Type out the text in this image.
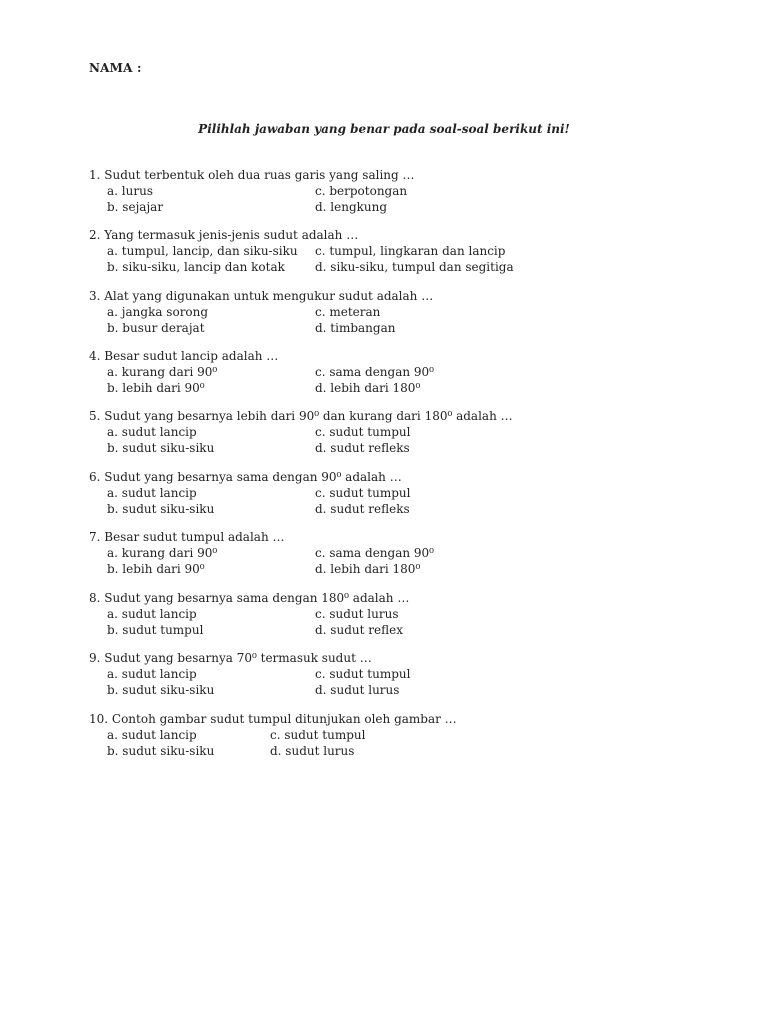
NAMA :
Pilihlah jawaban yang benar pada soal-soal berikut ini!
1. Sudut terbentuk oleh dua ruas garis yang saling …
a. lurus	c. berpotongan
b. sejajar	d. lengkung
2. Yang termasuk jenis-jenis sudut adalah …
a. tumpul, lancip, dan siku-siku c. tumpul, lingkaran dan lancip
b. siku-siku, lancip dan kotak	d. siku-siku, tumpul dan segitiga
3. Alat yang digunakan untuk mengukur sudut adalah …
a. jangka sorong	c. meteran
b. busur derajat	d. timbangan
4. Besar sudut lancip adalah …
a. kurang dari 90⁰	c. sama dengan 90⁰
b. lebih dari 90⁰	d. lebih dari 180⁰
5. Sudut yang besarnya lebih dari 90⁰ dan kurang dari 180⁰ adalah …
a. sudut lancip	c. sudut tumpul
b. sudut siku-siku	d. sudut refleks
6. Sudut yang besarnya sama dengan 90⁰ adalah …
a. sudut lancip	c. sudut tumpul
b. sudut siku-siku	d. sudut refleks
7. Besar sudut tumpul adalah …
a. kurang dari 90⁰	c. sama dengan 90⁰
b. lebih dari 90⁰	d. lebih dari 180⁰
8. Sudut yang besarnya sama dengan 180⁰ adalah …
a. sudut lancip	c. sudut lurus
b. sudut tumpul	d. sudut reflex
9. Sudut yang besarnya 70⁰ termasuk sudut …
a. sudut lancip	c. sudut tumpul
b. sudut siku-siku	d. sudut lurus
10. Contoh gambar sudut tumpul ditunjukan oleh gambar …
a. sudut lancip	c. sudut tumpul
b. sudut siku-siku	d. sudut lurus
